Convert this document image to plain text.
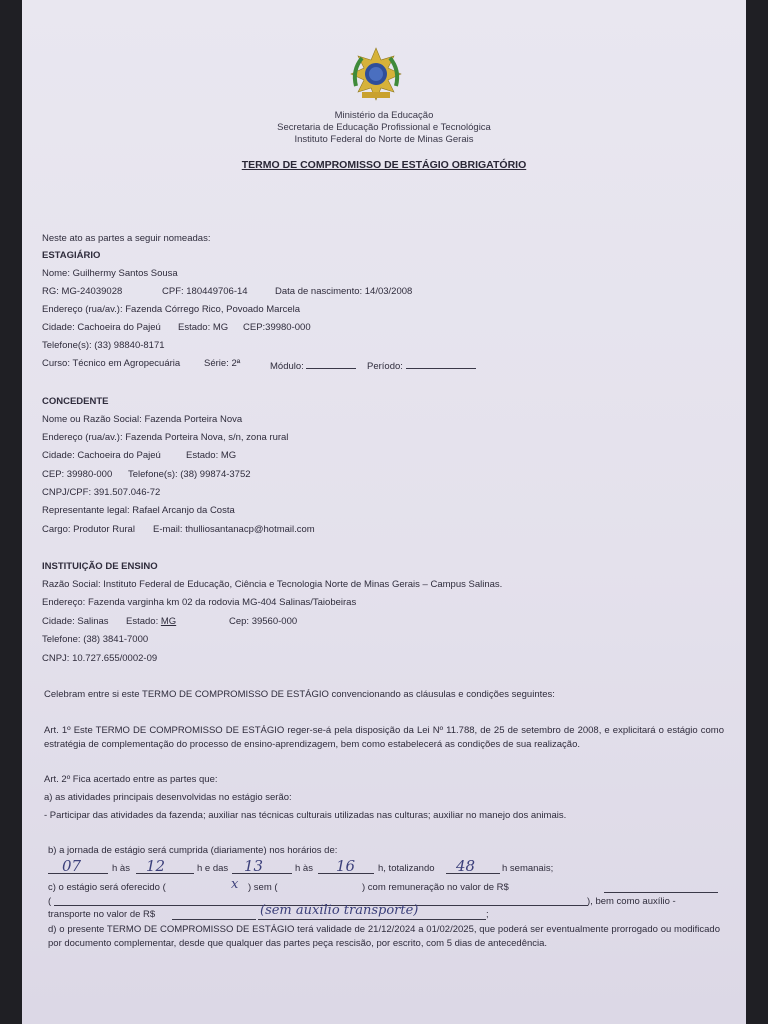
Ministério da Educação
Secretaria de Educação Profissional e Tecnológica
Instituto Federal do Norte de Minas Gerais
TERMO DE COMPROMISSO DE ESTÁGIO OBRIGATÓRIO
Neste ato as partes a seguir nomeadas:
ESTAGIÁRIO
Nome: Guilhermy Santos Sousa
RG: MG-24039028	CPF: 180449706-14	Data de nascimento: 14/03/2008
Endereço (rua/av.): Fazenda Córrego Rico, Povoado Marcela
Cidade: Cachoeira do Pajeú Estado: MG CEP:39980-000
Telefone(s): (33) 98840-8171
Curso: Técnico em Agropecuária	Série: 2ª	Módulo:	Período:
CONCEDENTE
Nome ou Razão Social: Fazenda Porteira Nova
Endereço (rua/av.): Fazenda Porteira Nova, s/n, zona rural
Cidade: Cachoeira do Pajeú	Estado: MG
CEP: 39980-000 Telefone(s): (38) 99874-3752
CNPJ/CPF: 391.507.046-72
Representante legal: Rafael Arcanjo da Costa
Cargo: Produtor Rural E-mail: thulliosantanacp@hotmail.com
INSTITUIÇÃO DE ENSINO
Razão Social: Instituto Federal de Educação, Ciência e Tecnologia Norte de Minas Gerais – Campus Salinas.
Endereço: Fazenda varginha km 02 da rodovia MG-404 Salinas/Taiobeiras
Cidade: Salinas Estado: MG	Cep: 39560-000
Telefone: (38) 3841-7000
CNPJ: 10.727.655/0002-09
Celebram entre si este TERMO DE COMPROMISSO DE ESTÁGIO convencionando as cláusulas e condições seguintes:
Art. 1º Este TERMO DE COMPROMISSO DE ESTÁGIO reger-se-á pela disposição da Lei Nº 11.788, de 25 de setembro de 2008, e explicitará o estágio como estratégia de complementação do processo de ensino-aprendizagem, bem como estabelecerá as condições de sua realização.
Art. 2º Fica acertado entre as partes que:
a) as atividades principais desenvolvidas no estágio serão:
- Participar das atividades da fazenda; auxiliar nas técnicas culturais utilizadas nas culturas; auxiliar no manejo dos animais.
b) a jornada de estágio será cumprida (diariamente) nos horários de:
07	h às 12	h e das 13	h às 16 h, totalizando 48	h semanais;
c) o estágio será oferecido (	x ) sem (	) com remuneração no valor de R$
(	), bem como auxílio -
transporte no valor de R$	(sem auxilio transporte)	;
d) o presente TERMO DE COMPROMISSO DE ESTÁGIO terá validade de 21/12/2024 a 01/02/2025, que poderá ser eventualmente prorrogado ou modificado por documento complementar, desde que qualquer das partes peça rescisão, por escrito, com 5 dias de antecedência.
